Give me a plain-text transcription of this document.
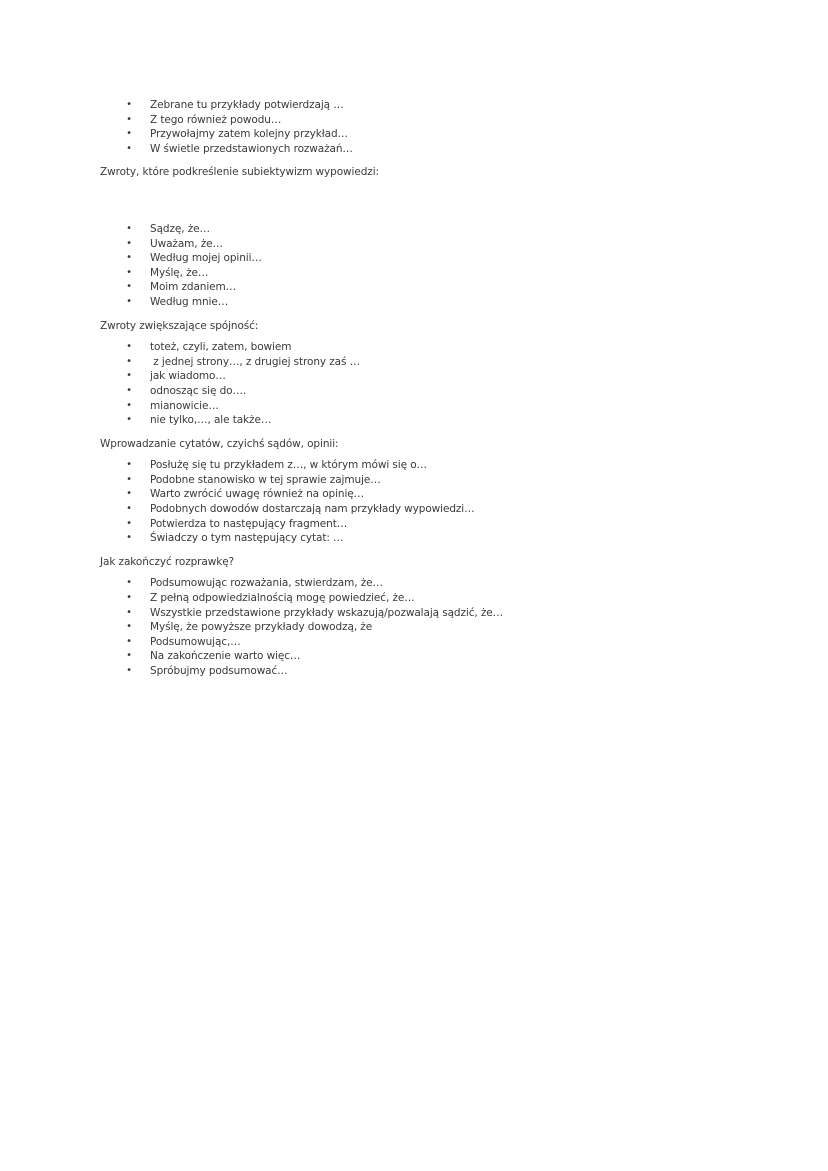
• Zebrane tu przykłady potwierdzają …
• Z tego również powodu…
• Przywołajmy zatem kolejny przykład…
• W świetle przedstawionych rozważań…

Zwroty, które podkreślenie subiektywizm wypowiedzi:

• Sądzę, że…
• Uważam, że…
• Według mojej opinii…
• Myślę, że…
• Moim zdaniem…
• Według mnie…

Zwroty zwiększające spójność:

• toteż, czyli, zatem, bowiem
• z jednej strony…, z drugiej strony zaś …
• jak wiadomo…
• odnosząc się do….
• mianowicie…
• nie tylko,…, ale także…

Wprowadzanie cytatów, czyichś sądów, opinii:

• Posłużę się tu przykładem z…, w którym mówi się o…
• Podobne stanowisko w tej sprawie zajmuje…
• Warto zwrócić uwagę również na opinię…
• Podobnych dowodów dostarczają nam przykłady wypowiedzi…
• Potwierdza to następujący fragment…
• Świadczy o tym następujący cytat: …

Jak zakończyć rozprawkę?

• Podsumowując rozważania, stwierdzam, że…
• Z pełną odpowiedzialnością mogę powiedzieć, że…
• Wszystkie przedstawione przykłady wskazują/pozwalają sądzić, że…
• Myślę, że powyższe przykłady dowodzą, że
• Podsumowując,…
• Na zakończenie warto więc…
• Spróbujmy podsumować…
